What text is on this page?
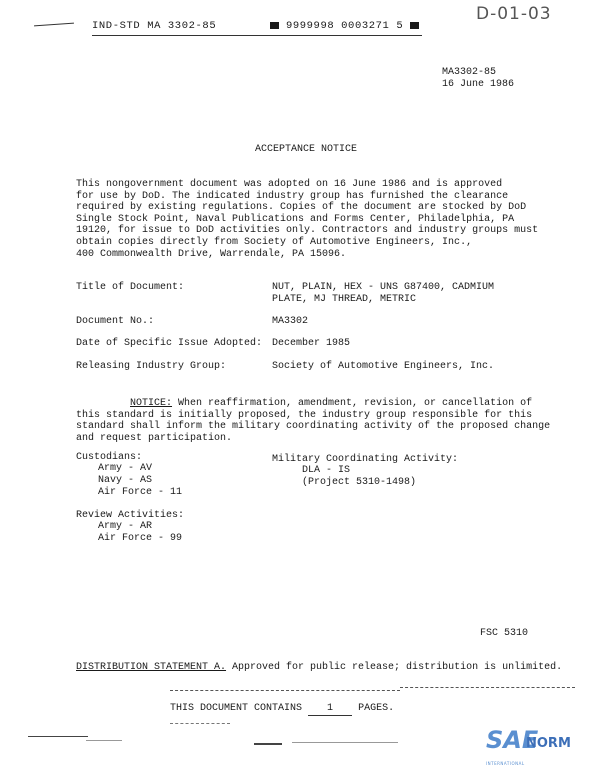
IND-STD MA 3302-85	9999998 0003271 5
D-01-03
MA3302-85
16 June 1986
ACCEPTANCE NOTICE
This nongovernment document was adopted on 16 June 1986 and is approved
for use by DoD. The indicated industry group has furnished the clearance
required by existing regulations. Copies of the document are stocked by DoD
Single Stock Point, Naval Publications and Forms Center, Philadelphia, PA
19120, for issue to DoD activities only. Contractors and industry groups must
obtain copies directly from Society of Automotive Engineers, Inc.,
400 Commonwealth Drive, Warrendale, PA 15096.
Title of Document:	NUT, PLAIN, HEX - UNS G87400, CADMIUM
PLATE, MJ THREAD, METRIC
Document No.:	MA3302
Date of Specific Issue Adopted: December 1985
Releasing Industry Group:	Society of Automotive Engineers, Inc.
NOTICE: When reaffirmation, amendment, revision, or cancellation of
this standard is initially proposed, the industry group responsible for this
standard shall inform the military coordinating activity of the proposed change
and request participation.
Custodians:
Army - AV
Navy - AS
Air Force - 11
Military Coordinating Activity:
DLA - IS
(Project 5310-1498)
Review Activities:
Army - AR
Air Force - 99
FSC 5310
DISTRIBUTION STATEMENT A. Approved for public release; distribution is unlimited.
THIS DOCUMENT CONTAINS	1	PAGES.
SAE
NORM
INTERNATIONAL
